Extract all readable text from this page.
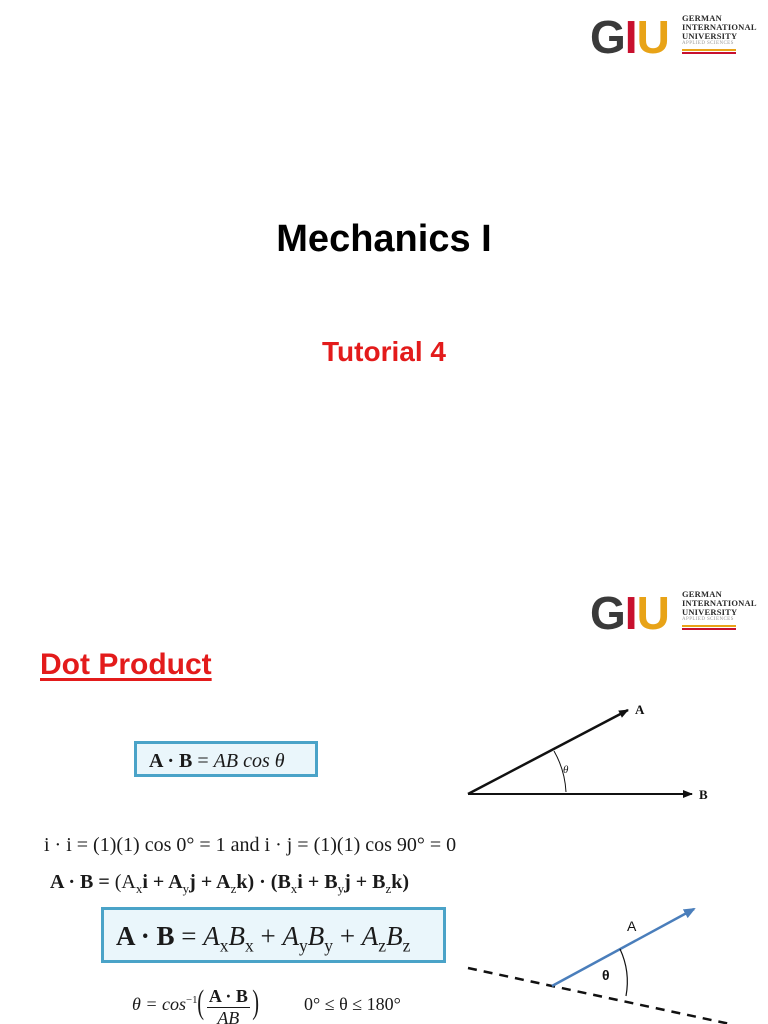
GIU GERMAN
INTERNATIONAL
UNIVERSITY
APPLIED SCIENCES
Mechanics I
Tutorial 4
GIU GERMAN
INTERNATIONAL
UNIVERSITY
APPLIED SCIENCES
Dot Product
A · B = AB cos θ
A
B
θ
A
θ
i · i = (1)(1) cos 0° = 1 and i · j = (1)(1) cos 90° = 0
$A \cdot B = (A_xi + A_yj + A_zk) \cdot (B_xi + B_yj + B_zk)$
$A \cdot B = A_xB_x + A_yB_y + A_zB_z$
$\theta = \cos^{-1}( \frac{A \cdot B}{AB}$ )	0° ≤ θ ≤ 180°
